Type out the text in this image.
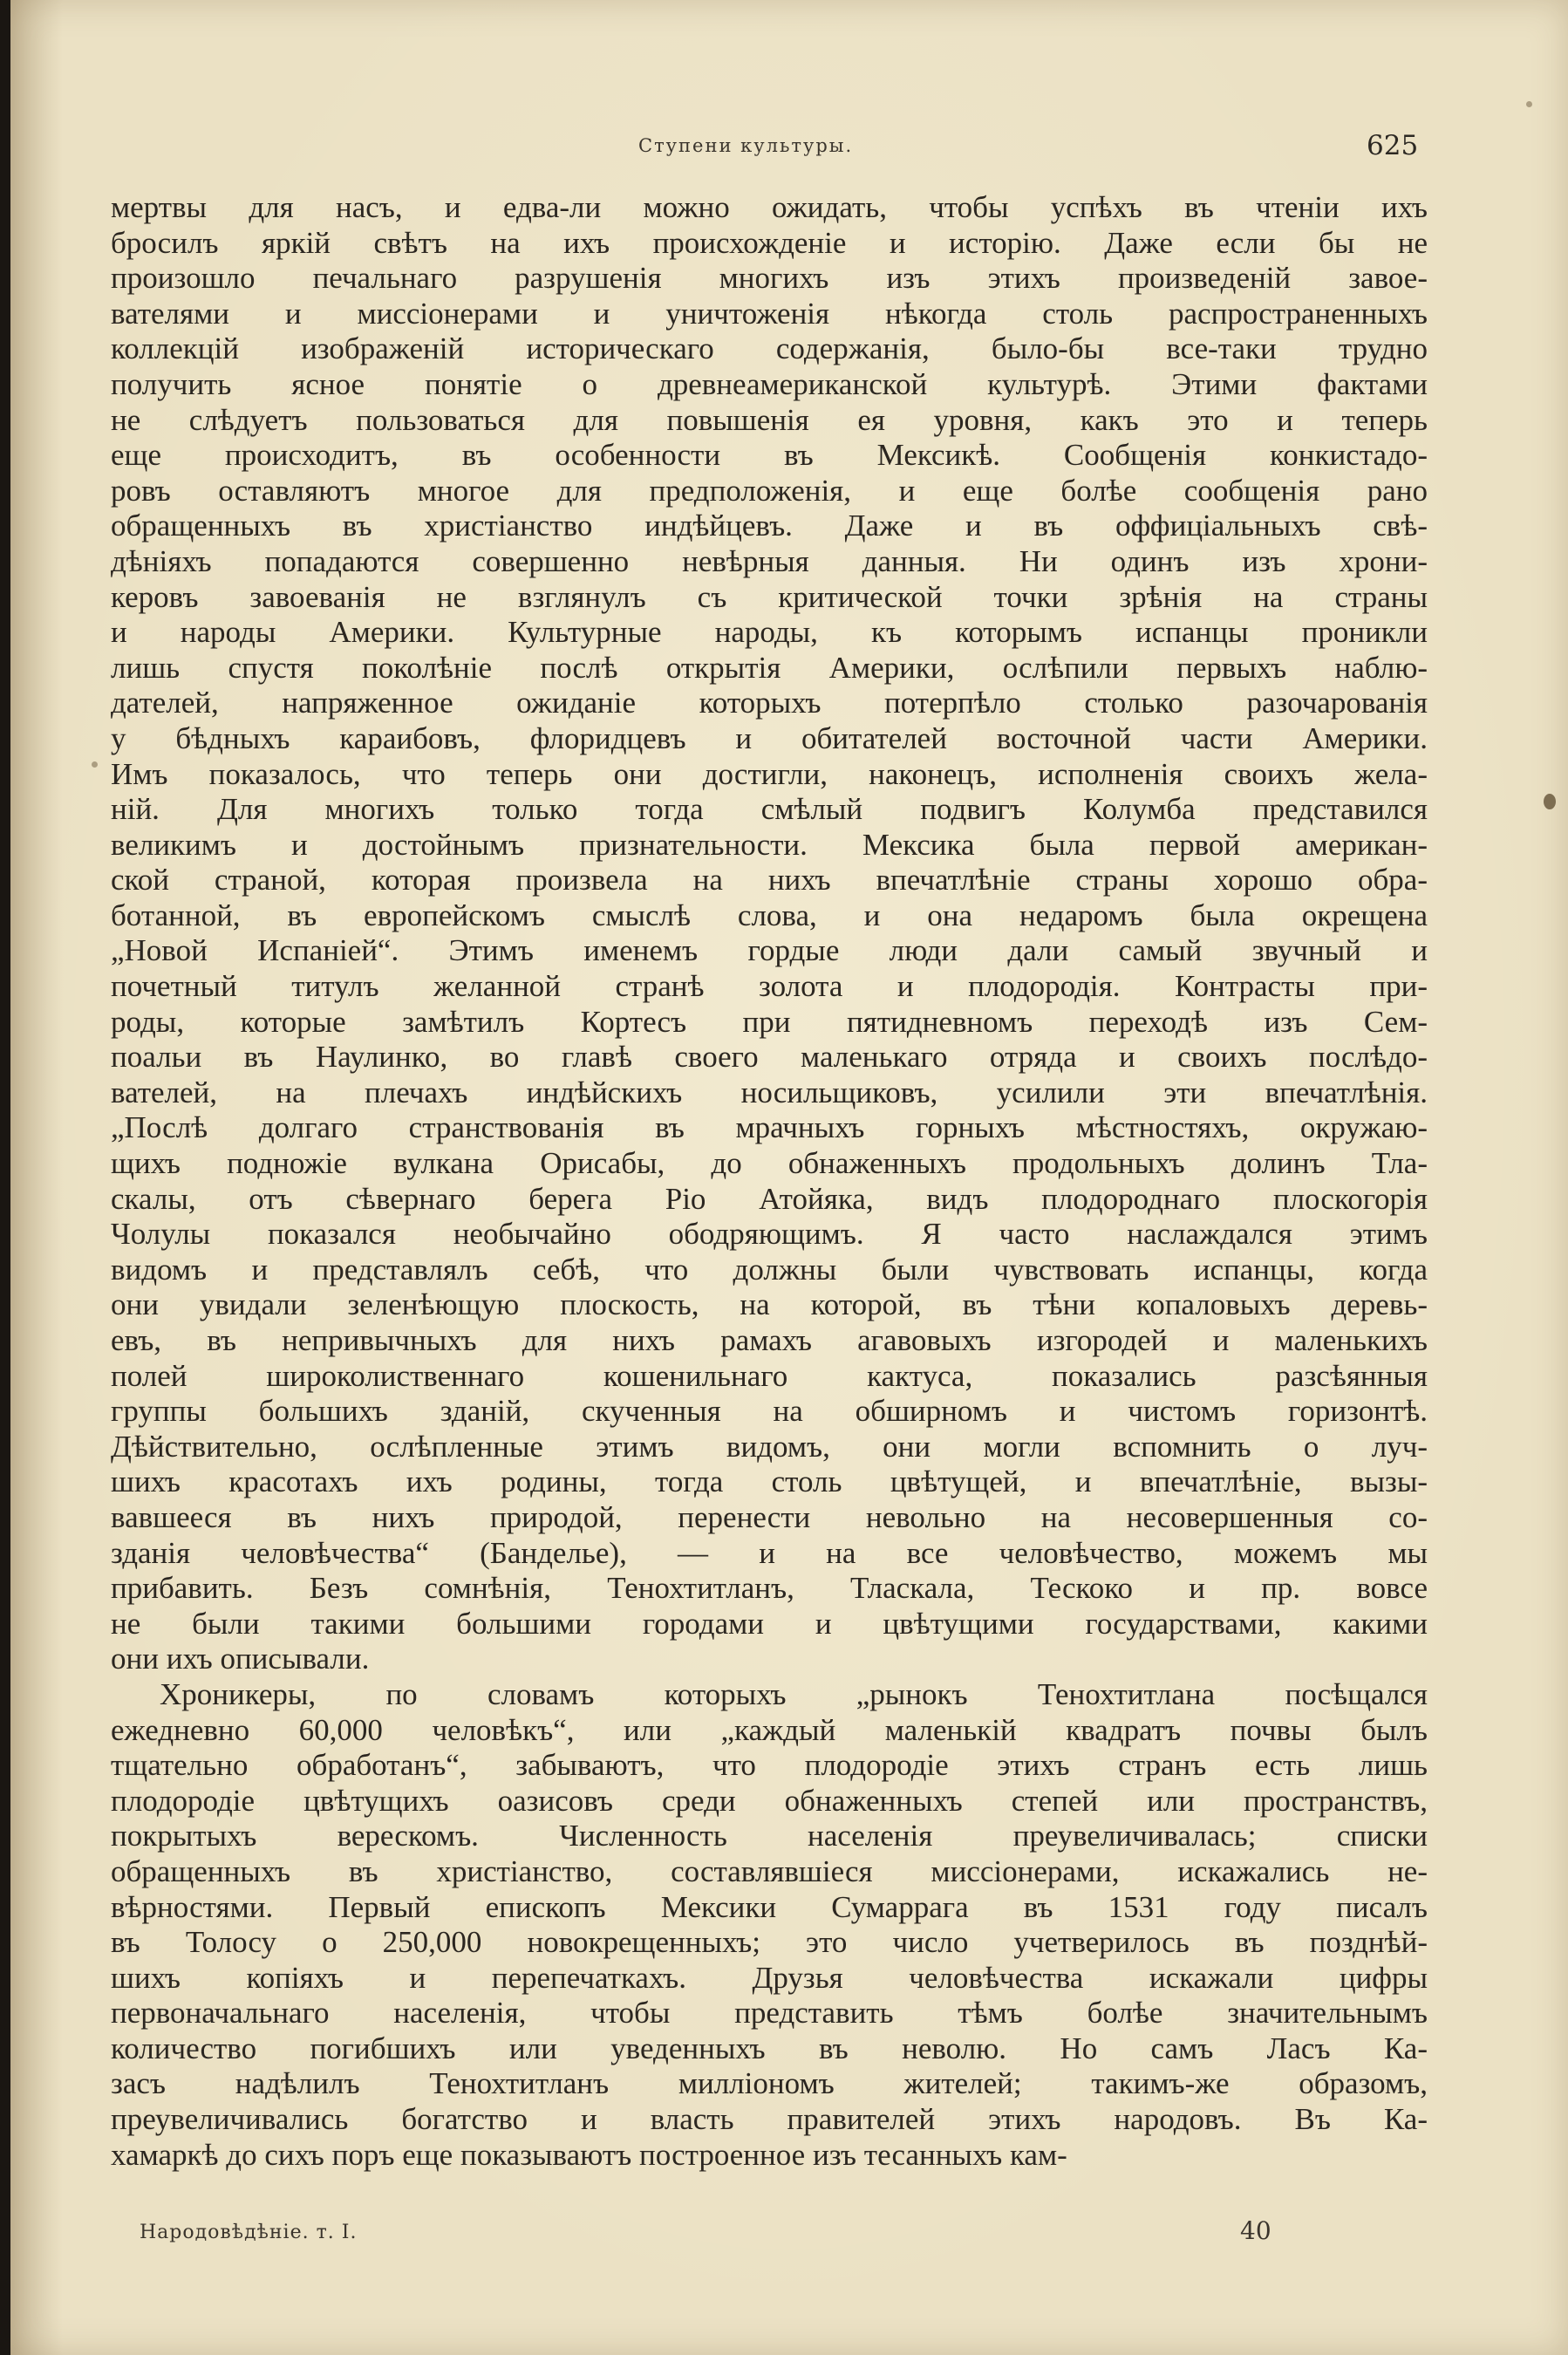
Ступени культуры.	625
мертвы для насъ, и едва-ли можно ожидать, чтобы успѣхъ въ чтеніи ихъ
бросилъ яркій свѣтъ на ихъ происхожденіе и исторію. Даже если бы не
произошло печальнаго разрушенія многихъ изъ этихъ произведеній завое-
вателями и миссіонерами и уничтоженія нѣкогда столь распространенныхъ
коллекцій изображеній историческаго содержанія, было-бы все-таки трудно
получить ясное понятіе о древнеамериканской культурѣ. Этими фактами
не слѣдуетъ пользоваться для повышенія ея уровня, какъ это и теперь
еще происходитъ, въ особенности въ Мексикѣ. Сообщенія конкистадо-
ровъ оставляютъ многое для предположенія, и еще болѣе сообщенія рано
обращенныхъ въ христіанство индѣйцевъ. Даже и въ оффиціальныхъ свѣ-
дѣніяхъ попадаются совершенно невѣрныя данныя. Ни одинъ изъ хрони-
керовъ завоеванія не взглянулъ съ критической точки зрѣнія на страны
и народы Америки. Культурные народы, къ которымъ испанцы проникли
лишь спустя поколѣніе послѣ открытія Америки, ослѣпили первыхъ наблю-
дателей, напряженное ожиданіе которыхъ потерпѣло столько разочарованія
у бѣдныхъ караибовъ, флоридцевъ и обитателей восточной части Америки.
Имъ показалось, что теперь они достигли, наконецъ, исполненія своихъ жела-
ній. Для многихъ только тогда смѣлый подвигъ Колумба представился
великимъ и достойнымъ признательности. Мексика была первой американ-
ской страной, которая произвела на нихъ впечатлѣніе страны хорошо обра-
ботанной, въ европейскомъ смыслѣ слова, и она недаромъ была окрещена
„Новой Испаніей“. Этимъ именемъ гордые люди дали самый звучный и
почетный титулъ желанной странѣ золота и плодородія. Контрасты при-
роды, которые замѣтилъ Кортесъ при пятидневномъ переходѣ изъ Сем-
поальи въ Наулинко, во главѣ своего маленькаго отряда и своихъ послѣдо-
вателей, на плечахъ индѣйскихъ носильщиковъ, усилили эти впечатлѣнія.
„Послѣ долгаго странствованія въ мрачныхъ горныхъ мѣстностяхъ, окружаю-
щихъ подножіе вулкана Орисабы, до обнаженныхъ продольныхъ долинъ Тла-
скалы, отъ сѣвернаго берега Ріо Атойяка, видъ плодороднаго плоскогорія
Чолулы показался необычайно ободряющимъ. Я часто наслаждался этимъ
видомъ и представлялъ себѣ, что должны были чувствовать испанцы, когда
они увидали зеленѣющую плоскость, на которой, въ тѣни копаловыхъ деревь-
евъ, въ непривычныхъ для нихъ рамахъ агавовыхъ изгородей и маленькихъ
полей широколиственнаго кошенильнаго кактуса, показались разсѣянныя
группы большихъ зданій, скученныя на обширномъ и чистомъ горизонтѣ.
Дѣйствительно, ослѣпленные этимъ видомъ, они могли вспомнить о луч-
шихъ красотахъ ихъ родины, тогда столь цвѣтущей, и впечатлѣніе, вызы-
вавшееся въ нихъ природой, перенести невольно на несовершенныя со-
зданія человѣчества“ (Банделье), — и на все человѣчество, можемъ мы
прибавить. Безъ сомнѣнія, Тенохтитланъ, Тласкала, Тескоко и пр. вовсе
не были такими большими городами и цвѣтущими государствами, какими
они ихъ описывали.
Хроникеры, по словамъ которыхъ „рынокъ Тенохтитлана посѣщался
ежедневно 60,000 человѣкъ“, или „каждый маленькій квадратъ почвы былъ
тщательно обработанъ“, забываютъ, что плодородіе этихъ странъ есть лишь
плодородіе цвѣтущихъ оазисовъ среди обнаженныхъ степей или пространствъ,
покрытыхъ верескомъ. Численность населенія преувеличивалась; списки
обращенныхъ въ христіанство, составлявшіеся миссіонерами, искажались не-
вѣрностями. Первый епископъ Мексики Сумаррага въ 1531 году писалъ
въ Толосу о 250,000 новокрещенныхъ; это число учетверилось въ позднѣй-
шихъ копіяхъ и перепечаткахъ. Друзья человѣчества искажали цифры
первоначальнаго населенія, чтобы представить тѣмъ болѣе значительнымъ
количество погибшихъ или уведенныхъ въ неволю. Но самъ Ласъ Ка-
засъ надѣлилъ Тенохтитланъ милліономъ жителей; такимъ-же образомъ,
преувеличивались богатство и власть правителей этихъ народовъ. Въ Ка-
хамаркѣ до сихъ поръ еще показываютъ построенное изъ тесанныхъ кам-
Народовѣдѣніе. т. I.	40
